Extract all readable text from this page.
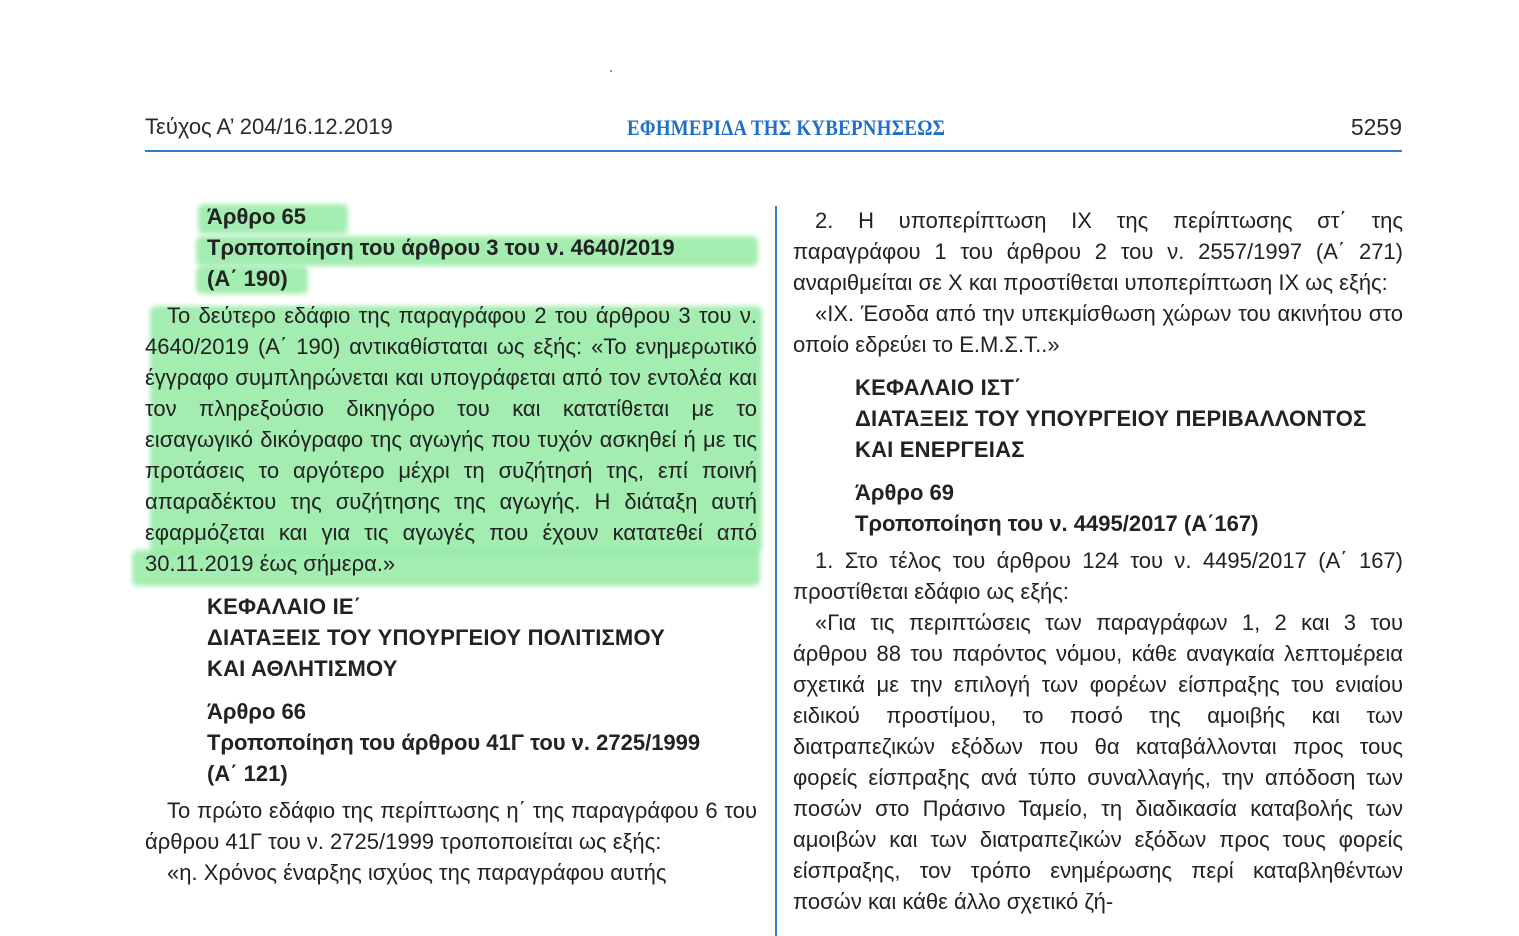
Τεύχος Α’ 204/16.12.2019	ΕΦΗΜΕΡΙΔΑ ΤΗΣ ΚΥΒΕΡΝΗΣΕΩΣ	5259
Άρθρο 65
Τροποποίηση του άρθρου 3 του ν. 4640/2019
(Α΄ 190)

Το δεύτερο εδάφιο της παραγράφου 2 του άρθρου 3 του ν. 4640/2019 (Α΄ 190) αντικαθίσταται ως εξής: «Το ενημερωτικό έγγραφο συμπληρώνεται και υπογράφεται από τον εντολέα και τον πληρεξούσιο δικηγόρο του και κατατίθεται με το εισαγωγικό δικόγραφο της αγωγής που τυχόν ασκηθεί ή με τις προτάσεις το αργότερο μέχρι τη συζήτησή της, επί ποινή απαραδέκτου της συζήτησης της αγωγής. Η διάταξη αυτή εφαρμόζεται και για τις αγωγές που έχουν κατατεθεί από 30.11.2019 έως σήμερα.»

ΚΕΦΑΛΑΙΟ ΙΕ΄
ΔΙΑΤΑΞΕΙΣ ΤΟΥ ΥΠΟΥΡΓΕΙΟΥ ΠΟΛΙΤΙΣΜΟΥ
ΚΑΙ ΑΘΛΗΤΙΣΜΟΥ
Άρθρο 66
Τροποποίηση του άρθρου 41Γ του ν. 2725/1999
(Α΄ 121)

Το πρώτο εδάφιο της περίπτωσης η΄ της παραγράφου 6 του άρθρου 41Γ του ν. 2725/1999 τροποποιείται ως εξής:

«η. Χρόνος έναρξης ισχύος της παραγράφου αυτής

2. Η υποπερίπτωση IX της περίπτωσης στ΄ της παραγράφου 1 του άρθρου 2 του ν. 2557/1997 (Α΄ 271) αναριθμείται σε X και προστίθεται υποπερίπτωση IX ως εξής:

«IX. Έσοδα από την υπεκμίσθωση χώρων του ακινήτου στο οποίο εδρεύει το Ε.Μ.Σ.Τ..»

ΚΕΦΑΛΑΙΟ ΙΣΤ΄
ΔΙΑΤΑΞΕΙΣ ΤΟΥ ΥΠΟΥΡΓΕΙΟΥ ΠΕΡΙΒΑΛΛΟΝΤΟΣ
ΚΑΙ ΕΝΕΡΓΕΙΑΣ
Άρθρο 69
Τροποποίηση του ν. 4495/2017 (Α΄167)

1. Στο τέλος του άρθρου 124 του ν. 4495/2017 (Α΄ 167) προστίθεται εδάφιο ως εξής:

«Για τις περιπτώσεις των παραγράφων 1, 2 και 3 του άρθρου 88 του παρόντος νόμου, κάθε αναγκαία λεπτομέρεια σχετικά με την επιλογή των φορέων είσπραξης του ενιαίου ειδικού προστίμου, το ποσό της αμοιβής και των διατραπεζικών εξόδων που θα καταβάλλονται προς τους φορείς είσπραξης ανά τύπο συναλλαγής, την απόδοση των ποσών στο Πράσινο Ταμείο, τη διαδικασία καταβολής των αμοιβών και των διατραπεζικών εξόδων προς τους φορείς είσπραξης, τον τρόπο ενημέρωσης περί καταβληθέντων ποσών και κάθε άλλο σχετικό ζή-
